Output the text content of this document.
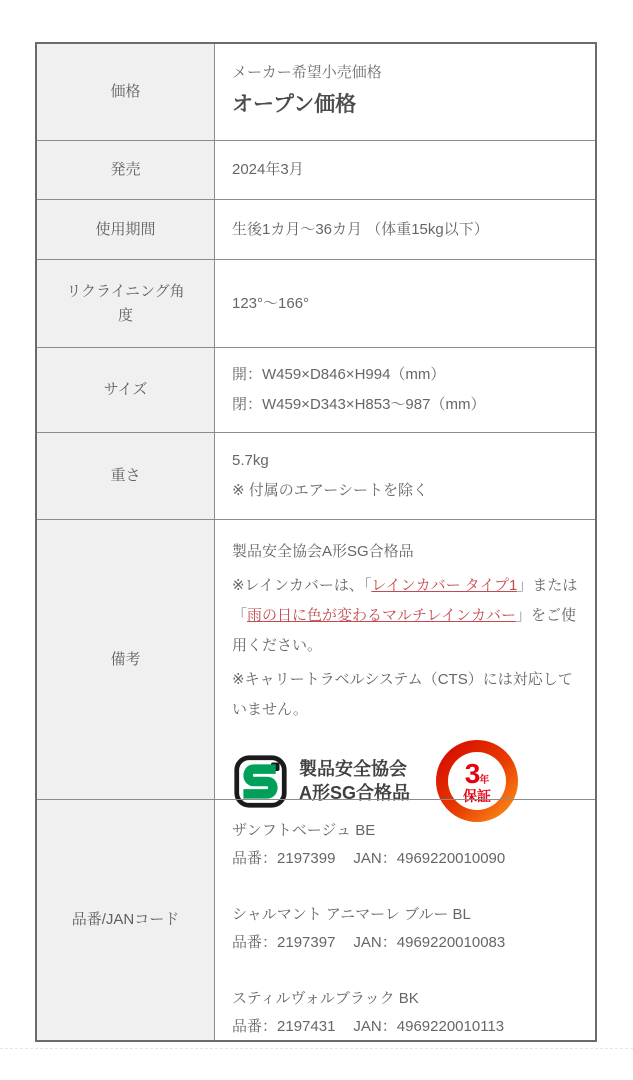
価格
メーカー希望小売価格
オープン価格
発売	2024年3月
使用期間	生後1カ月〜36カ月 （体重15kg以下）
リクライニング角度
123°〜166°
サイズ
開：W459×D846×H994（mm）
閉：W459×D343×H853〜987（mm）
重さ
5.7kg
※ 付属のエアーシートを除く
備考
製品安全協会A形SG合格品
※レインカバーは、「レインカバー タイプ1」または「雨の日に色が変わるマルチレインカバー」をご使用ください。
※キャリートラベルシステム（CTS）には対応していません。
製品安全協会
A形SG合格品
3 年
保証
品番/JANコード
ザンフトベージュ BE
品番：2197399 JAN：4969220010090
シャルマント アニマーレ ブルー BL
品番：2197397 JAN：4969220010083
スティルヴォルブラック BK
品番：2197431 JAN：4969220010113
